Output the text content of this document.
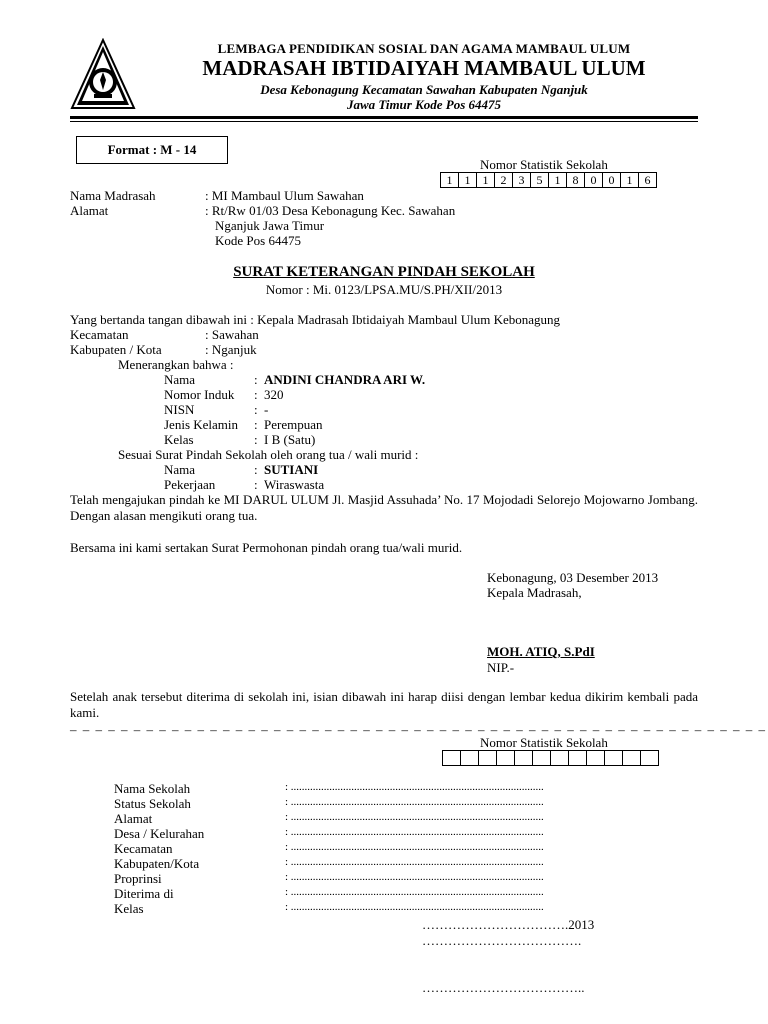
LEMBAGA PENDIDIKAN SOSIAL DAN AGAMA MAMBAUL ULUM
MADRASAH IBTIDAIYAH MAMBAUL ULUM
Desa Kebonagung Kecamatan Sawahan Kabupaten Nganjuk
Jawa Timur Kode Pos 64475
Format : M - 14
Nomor Statistik Sekolah
1	1	1	2	3	5	1	8	0	0	1	6
Nama Madrasah	: MI Mambaul Ulum Sawahan
Alamat	: Rt/Rw 01/03 Desa Kebonagung Kec. Sawahan
Nganjuk Jawa Timur
Kode Pos 64475
SURAT KETERANGAN PINDAH SEKOLAH
Nomor : Mi. 0123/LPSA.MU/S.PH/XII/2013
Yang bertanda tangan dibawah ini : Kepala Madrasah Ibtidaiyah Mambaul Ulum Kebonagung
Kecamatan	: Sawahan
Kabupaten / Kota	: Nganjuk
Menerangkan bahwa :
Nama	: ANDINI CHANDRA ARI W.
Nomor Induk : 320
NISN	: -
Jenis Kelamin : Perempuan
Kelas	: I B (Satu)
Sesuai Surat Pindah Sekolah oleh orang tua / wali murid :
Nama	: SUTIANI
Pekerjaan	: Wiraswasta
Telah mengajukan pindah ke MI DARUL ULUM Jl. Masjid Assuhada’ No. 17 Mojodadi Selorejo Mojowarno Jombang. Dengan alasan mengikuti orang tua.
Bersama ini kami sertakan Surat Permohonan pindah orang tua/wali murid.
Kebonagung, 03 Desember 2013
Kepala Madrasah,
MOH. ATIQ, S.PdI
NIP.-
Setelah anak tersebut diterima di sekolah ini, isian dibawah ini harap diisi dengan lembar kedua dikirim kembali pada kami.
– – – – – – – – – – – – – – – – – – – – – – – – – – – – – – – – – – – – – – – – – – – – – – – – – – – – – – –
Nomor Statistik Sekolah

Nama Sekolah	: ............................................................................................
Status Sekolah	: ............................................................................................
Alamat	: ............................................................................................
Desa / Kelurahan	: ............................................................................................
Kecamatan	: ............................................................................................
Kabupaten/Kota	: ............................................................................................
Proprinsi	: ............................................................................................
Diterima di	: ............................................................................................
Kelas	: ............................................................................................
…………………………….2013
……………………………….
………………………………..
